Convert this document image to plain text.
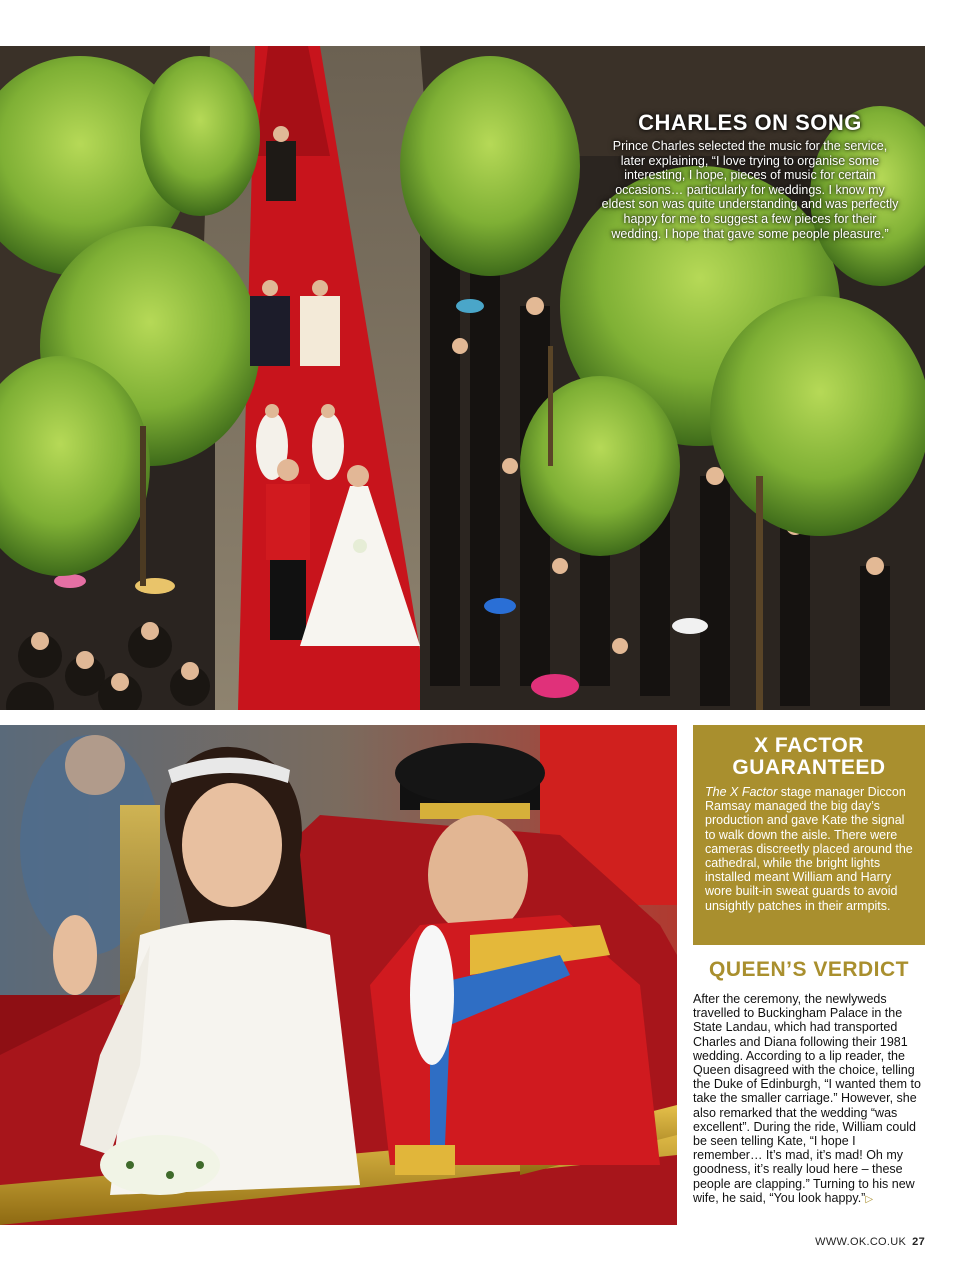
CHARLES ON SONG

Prince Charles selected the music for the service, later explaining, “I love trying to organise some interesting, I hope, pieces of music for certain occasions… particularly for weddings. I know my eldest son was quite understanding and was perfectly happy for me to suggest a few pieces for their wedding. I hope that gave some people pleasure.”

X FACTOR
GUARANTEED

The X Factor stage manager Diccon Ramsay managed the big day’s production and gave Kate the signal to walk down the aisle. There were cameras discreetly placed around the cathedral, while the bright lights installed meant William and Harry wore built-in sweat guards to avoid unsightly patches in their armpits.

QUEEN’S VERDICT

After the ceremony, the newlyweds travelled to Buckingham Palace in the State Landau, which had transported Charles and Diana following their 1981 wedding. According to a lip reader, the Queen disagreed with the choice, telling the Duke of Edinburgh, “I wanted them to take the smaller carriage.” However, she also remarked that the wedding “was excellent”. During the ride, William could be seen telling Kate, “I hope I remember… It’s mad, it’s mad! Oh my goodness, it’s really loud here – these people are clapping.” Turning to his new wife, he said, “You look happy.”▷

WWW.OK.CO.UK 27
